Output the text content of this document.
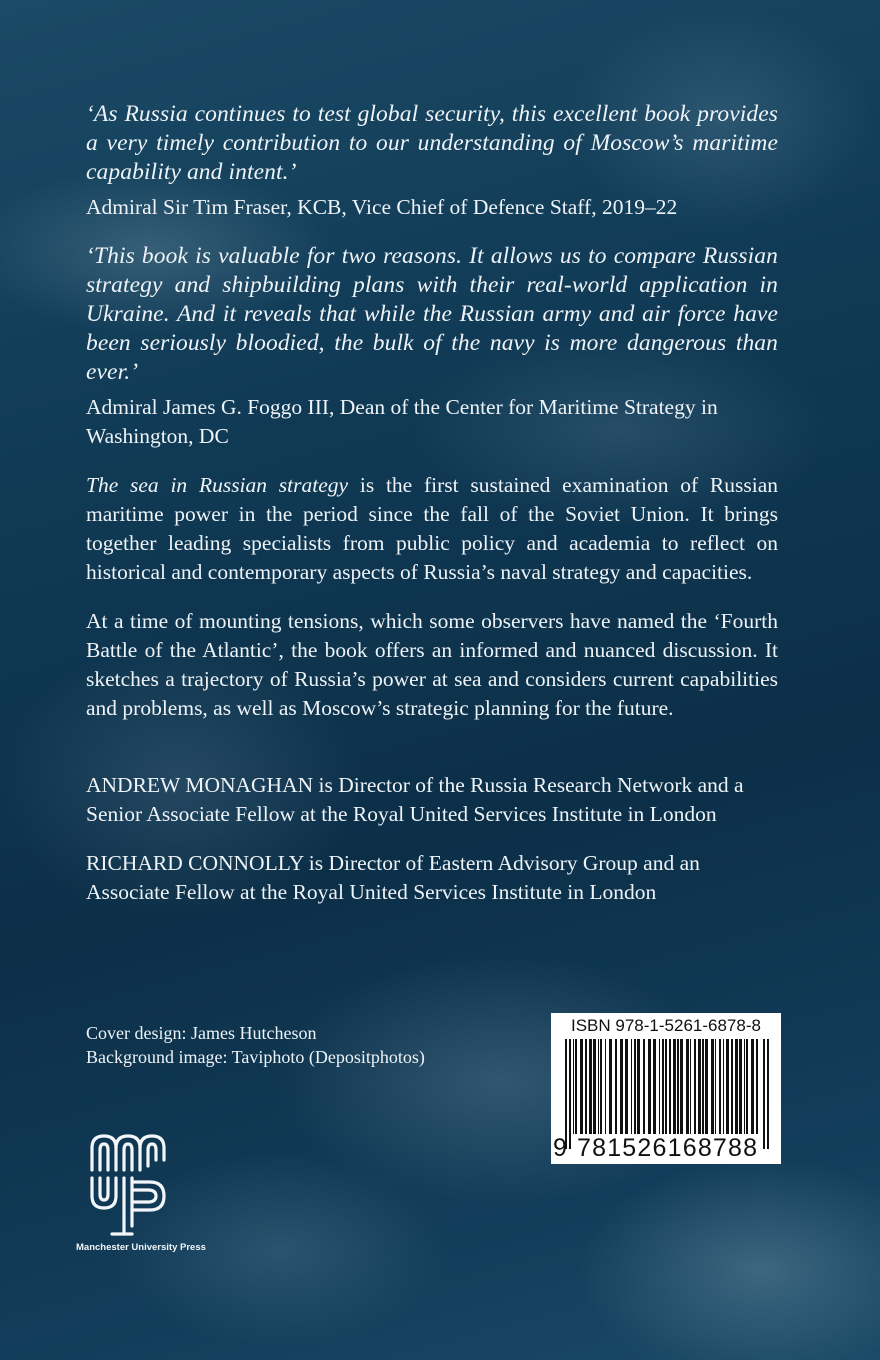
‘As Russia continues to test global security, this excellent book provides a very timely contribution to our understanding of Moscow’s maritime capability and intent.’

Admiral Sir Tim Fraser, KCB, Vice Chief of Defence Staff, 2019–22

‘This book is valuable for two reasons. It allows us to compare Russian strategy and shipbuilding plans with their real-world application in Ukraine. And it reveals that while the Russian army and air force have been seriously bloodied, the bulk of the navy is more dangerous than ever.’

Admiral James G. Foggo III, Dean of the Center for Maritime Strategy in Washington, DC

The sea in Russian strategy is the first sustained examination of Russian maritime power in the period since the fall of the Soviet Union. It brings together leading specialists from public policy and academia to reflect on historical and contemporary aspects of Russia’s naval strategy and capacities.

At a time of mounting tensions, which some observers have named the ‘Fourth Battle of the Atlantic’, the book offers an informed and nuanced discussion. It sketches a trajectory of Russia’s power at sea and considers current capabilities and problems, as well as Moscow’s strategic planning for the future.

ANDREW MONAGHAN is Director of the Russia Research Network and a Senior Associate Fellow at the Royal United Services Institute in London

RICHARD CONNOLLY is Director of Eastern Advisory Group and an Associate Fellow at the Royal United Services Institute in London

Cover design: James Hutcheson
Background image: Taviphoto (Depositphotos)
ISBN 978-1-5261-6878-8
9 781526168788
Manchester University Press
